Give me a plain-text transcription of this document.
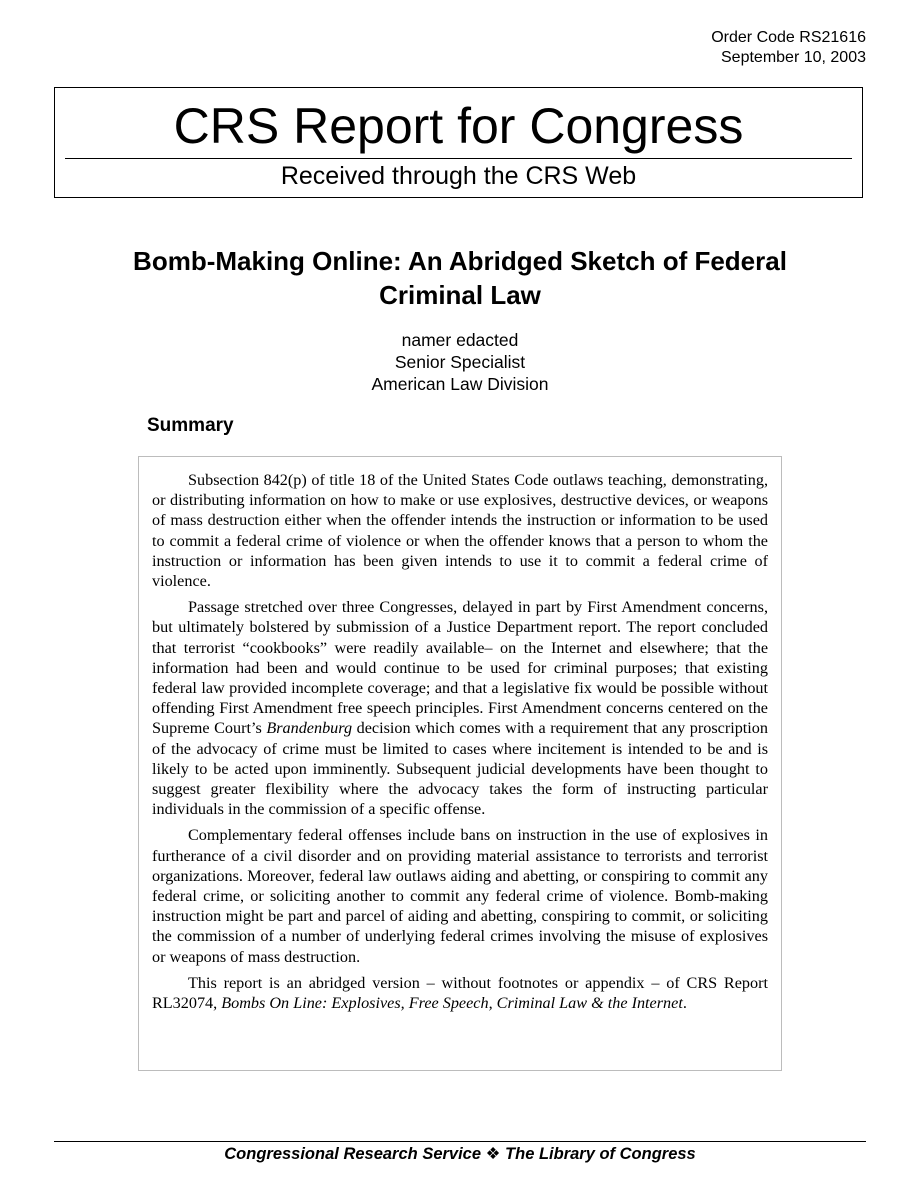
Order Code RS21616
September 10, 2003
CRS Report for Congress
Received through the CRS Web
Bomb-Making Online: An Abridged Sketch of Federal Criminal Law
namer edacted
Senior Specialist
American Law Division
Summary

Subsection 842(p) of title 18 of the United States Code outlaws teaching, demonstrating, or distributing information on how to make or use explosives, destructive devices, or weapons of mass destruction either when the offender intends the instruction or information to be used to commit a federal crime of violence or when the offender knows that a person to whom the instruction or information has been given intends to use it to commit a federal crime of violence.

Passage stretched over three Congresses, delayed in part by First Amendment concerns, but ultimately bolstered by submission of a Justice Department report. The report concluded that terrorist “cookbooks” were readily available– on the Internet and elsewhere; that the information had been and would continue to be used for criminal purposes; that existing federal law provided incomplete coverage; and that a legislative fix would be possible without offending First Amendment free speech principles. First Amendment concerns centered on the Supreme Court’s Brandenburg decision which comes with a requirement that any proscription of the advocacy of crime must be limited to cases where incitement is intended to be and is likely to be acted upon imminently. Subsequent judicial developments have been thought to suggest greater flexibility where the advocacy takes the form of instructing particular individuals in the commission of a specific offense.

Complementary federal offenses include bans on instruction in the use of explosives in furtherance of a civil disorder and on providing material assistance to terrorists and terrorist organizations. Moreover, federal law outlaws aiding and abetting, or conspiring to commit any federal crime, or soliciting another to commit any federal crime of violence. Bomb-making instruction might be part and parcel of aiding and abetting, conspiring to commit, or soliciting the commission of a number of underlying federal crimes involving the misuse of explosives or weapons of mass destruction.

This report is an abridged version – without footnotes or appendix – of CRS Report RL32074, Bombs On Line: Explosives, Free Speech, Criminal Law & the Internet.

Congressional Research Service ❖ The Library of Congress
